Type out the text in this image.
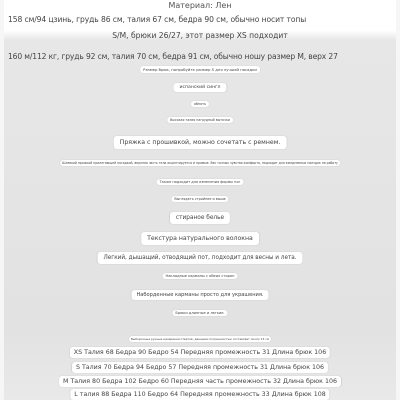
Материал: Лен
158 см/94 цзинь, грудь 86 см, талия 67 см, бедра 90 см, обычно носит топы
S/M, брюки 26/27, этот размер XS подходит
160 м/112 кг, грудь 92 см, талия 70 см, бедра 91 см, обычно ношу размер M, верх 27
Размер брюк, попробуйте размер S для лучшей посадки
испанский сингл
обнять
Высокая талия нагрудный вытачки
Пряжка с прошивкой, можно сочетать с ремнем.
Шлевкой пряжкой прилегающей посадкой, верхняя часть тела акцентируется и прямые. Вес точных чувство комфорта, подходит для ежедневных поездок на работу
Также подходит для изменения формы ног
Выглядеть стройнее и выше
стираное белье
Текстура натурального волокна
Легкий, дышащий, отводящий пот, подходит для весны и лета.
Накладные карманы с обеих сторон
Наборденные карманы просто для украшения.
Брюки длинные и легкие.
Выборочные ручные измерения ответов, данными погрешностью составляет около 13 см
XS Талия 68 Бедра 90 Бедро 54 Передняя промежность 31 Длина брюк 106
S Талия 70 Бедра 94 Бедро 57 Передняя промежность 31 Длина брюк 106
M Талия 80 Бедра 102 Бедро 60 Передняя часть промежность 32 Длина брюк 106
L талия 88 Бедра 110 Бедро 64 Передняя промежность 33 Длина брюк 108
